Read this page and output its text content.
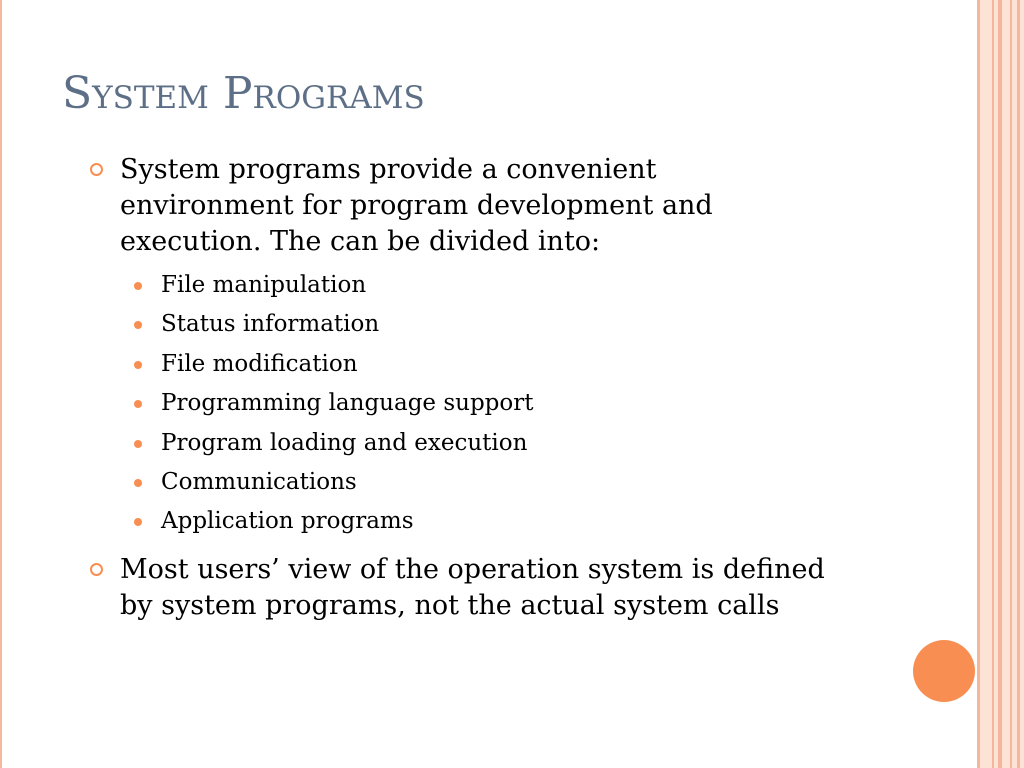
System Programs
System programs provide a convenient environment for program development and execution. The can be divided into:
File manipulation
Status information
File modification
Programming language support
Program loading and execution
Communications
Application programs
Most users’ view of the operation system is defined by system programs, not the actual system calls
